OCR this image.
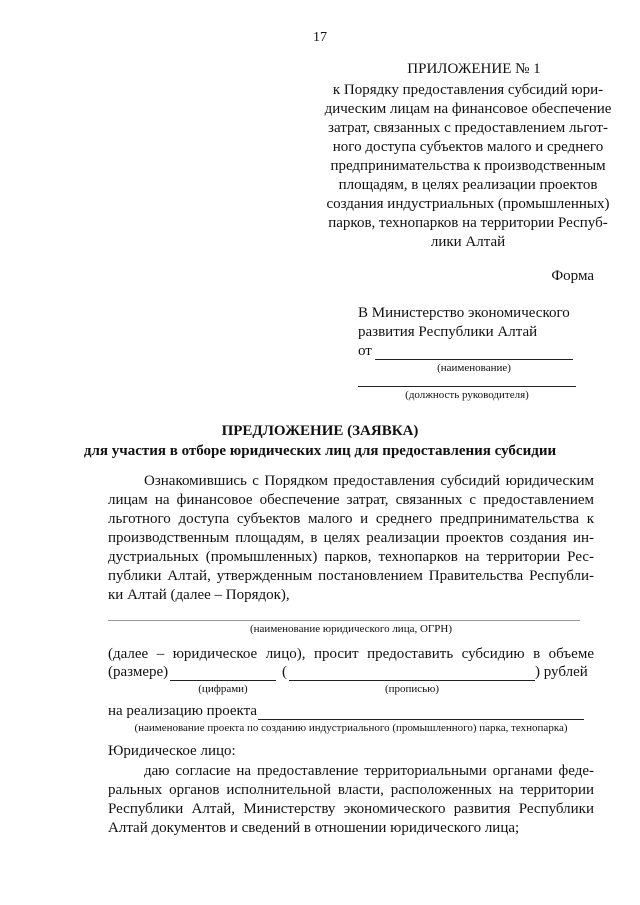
17
ПРИЛОЖЕНИЕ № 1
к Порядку предоставления субсидий юри-
дическим лицам на финансовое обеспечение
затрат, связанных с предоставлением льгот-
ного доступа субъектов малого и среднего
предпринимательства к производственным
площадям, в целях реализации проектов
создания индустриальных (промышленных)
парков, технопарков на территории Респуб-
лики Алтай
Форма
В Министерство экономического
развития Республики Алтай
от
(наименование)
(должность руководителя)
ПРЕДЛОЖЕНИЕ (ЗАЯВКА)
для участия в отборе юридических лиц для предоставления субсидии
Ознакомившись с Порядком предоставления субсидий юридическим
лицам на финансовое обеспечение затрат, связанных с предоставлением
льготного доступа субъектов малого и среднего предпринимательства к
производственным площадям, в целях реализации проектов создания ин-
дустриальных (промышленных) парков, технопарков на территории Рес-
публики Алтай, утвержденным постановлением Правительства Республи-
ки Алтай (далее – Порядок),
(наименование юридического лица, ОГРН)
(далее – юридическое лицо), просит предоставить субсидию в объеме
(размере)	(	) рублей
(цифрами)	(прописью)
на реализацию проекта
(наименование проекта по созданию индустриального (промышленного) парка, технопарка)
Юридическое лицо:
даю согласие на предоставление территориальными органами феде-
ральных органов исполнительной власти, расположенных на территории
Республики Алтай, Министерству экономического развития Республики
Алтай документов и сведений в отношении юридического лица;
